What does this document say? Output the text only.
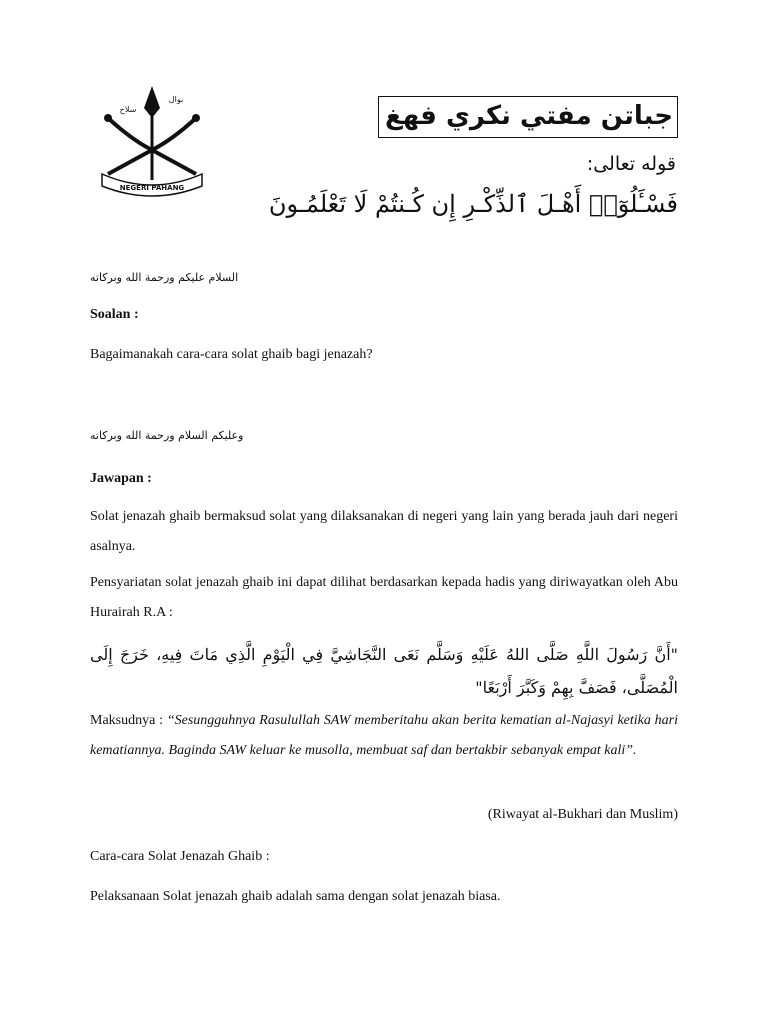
سلاح
بوال
NEGERI PAHANG
جباتن مفتي نكري فهغ
قوله تعالى:
فَسْـَٔلُوٓا۟ أَهْـلَ ٱلذِّكْـرِ إِن كُـنتُمْ لَا تَعْلَمُـونَ
السلام عليكم ورحمة الله وبركاته
Soalan :
Bagaimanakah cara-cara solat ghaib bagi jenazah?
وعليكم السلام ورحمة الله وبركاته
Jawapan :
Solat jenazah ghaib bermaksud solat yang dilaksanakan di negeri yang lain yang berada jauh dari negeri asalnya.
Pensyariatan solat jenazah ghaib ini dapat dilihat berdasarkan kepada hadis yang diriwayatkan oleh Abu Hurairah R.A :
"أَنَّ رَسُولَ اللَّهِ صَلَّى اللهُ عَلَيْهِ وَسَلَّم نَعَى النَّجَاشِيَّ فِي الْيَوْمِ الَّذِي مَاتَ فِيهِ، خَرَجَ إِلَى الْمُصَلَّى، فَصَفَّ بِهِمْ وَكَبَّرَ أَرْبَعًا"
Maksudnya : “Sesungguhnya Rasulullah SAW memberitahu akan berita kematian al-Najasyi ketika hari kematiannya. Baginda SAW keluar ke musolla, membuat saf dan bertakbir sebanyak empat kali”.
(Riwayat al-Bukhari dan Muslim)
Cara-cara Solat Jenazah Ghaib :
Pelaksanaan Solat jenazah ghaib adalah sama dengan solat jenazah biasa.
